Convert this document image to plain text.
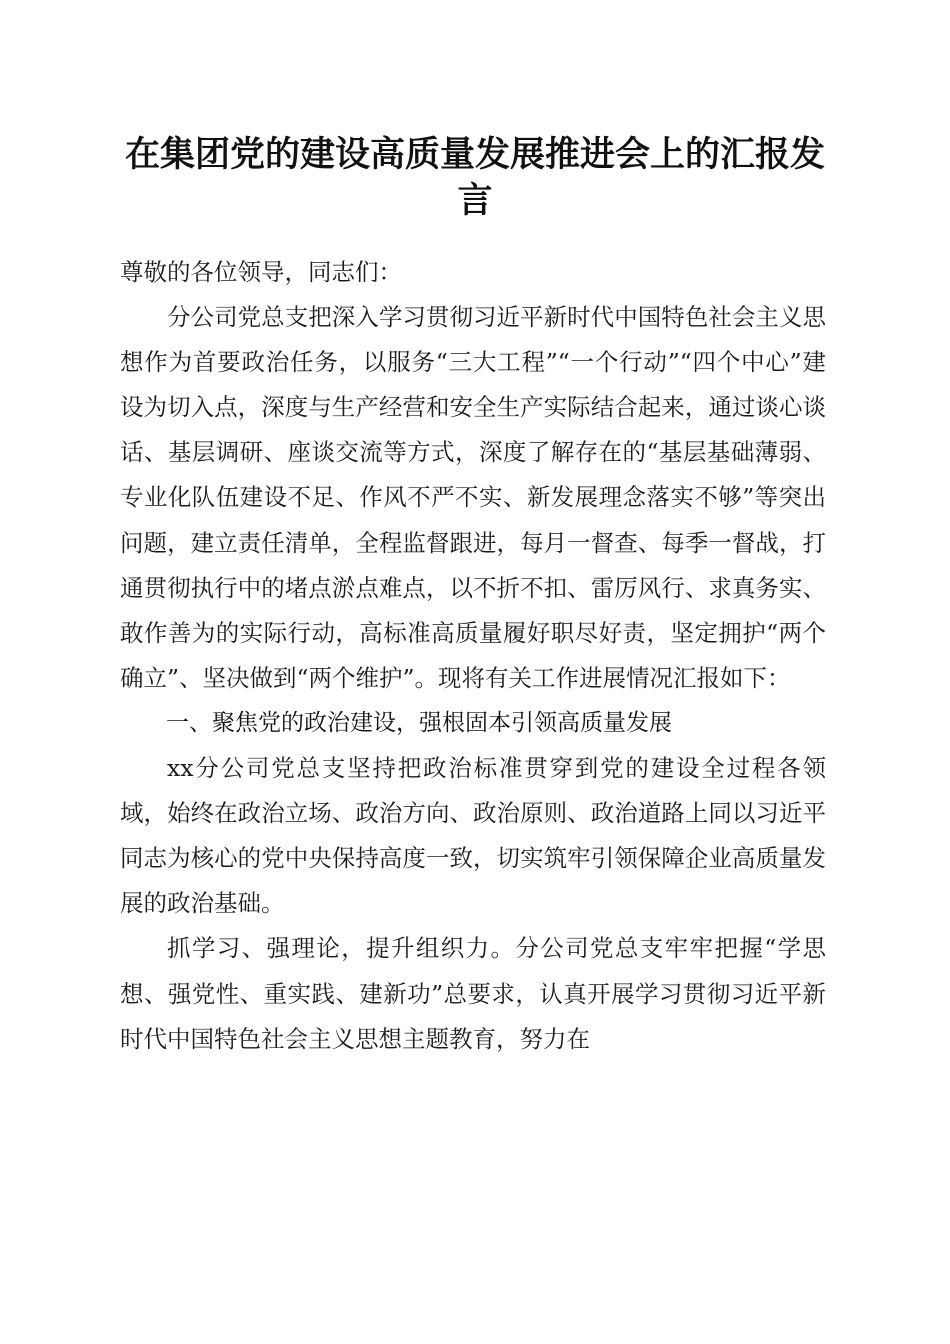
在集团党的建设高质量发展推进会上的汇报发言

尊敬的各位领导，同志们：

分公司党总支把深入学习贯彻习近平新时代中国特色社会主义思想作为首要政治任务，以服务“三大工程”“一个行动”“四个中心”建设为切入点，深度与生产经营和安全生产实际结合起来，通过谈心谈话、基层调研、座谈交流等方式，深度了解存在的“基层基础薄弱、专业化队伍建设不足、作风不严不实、新发展理念落实不够”等突出问题，建立责任清单，全程监督跟进，每月一督查、每季一督战，打通贯彻执行中的堵点淤点难点，以不折不扣、雷厉风行、求真务实、敢作善为的实际行动，高标准高质量履好职尽好责，坚定拥护“两个确立”、坚决做到“两个维护”。现将有关工作进展情况汇报如下：

一、聚焦党的政治建设，强根固本引领高质量发展

xx分公司党总支坚持把政治标准贯穿到党的建设全过程各领域，始终在政治立场、政治方向、政治原则、政治道路上同以习近平同志为核心的党中央保持高度一致，切实筑牢引领保障企业高质量发展的政治基础。

抓学习、强理论，提升组织力。分公司党总支牢牢把握“学思想、强党性、重实践、建新功”总要求，认真开展学习贯彻习近平新时代中国特色社会主义思想主题教育，努力在
